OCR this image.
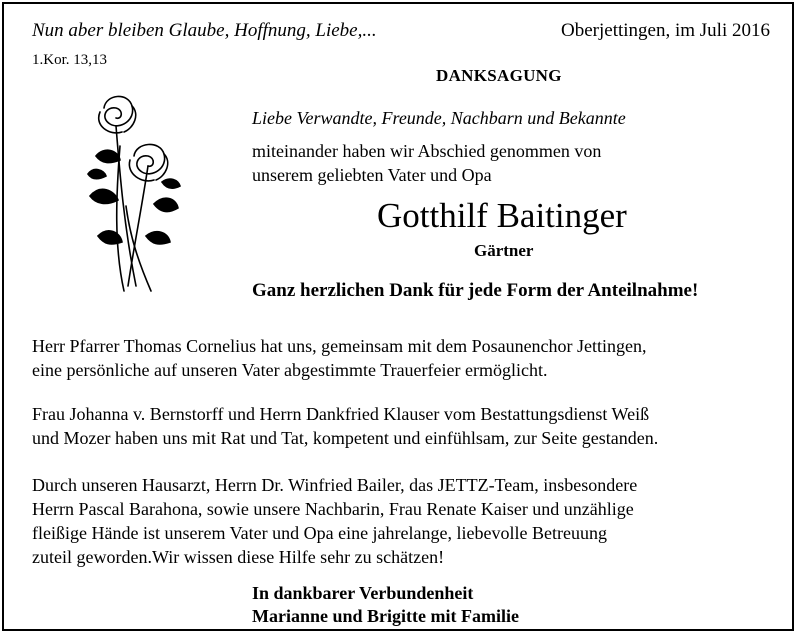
Nun aber bleiben Glaube, Hoffnung, Liebe,...
1.Kor. 13,13
Oberjettingen, im Juli 2016
DANKSAGUNG
Liebe Verwandte, Freunde, Nachbarn und Bekannte
miteinander haben wir Abschied genommen von
unserem geliebten Vater und Opa
Gotthilf Baitinger
Gärtner
Ganz herzlichen Dank für jede Form der Anteilnahme!
Herr Pfarrer Thomas Cornelius hat uns, gemeinsam mit dem Posaunenchor Jettingen,
eine persönliche auf unseren Vater abgestimmte Trauerfeier ermöglicht.
Frau Johanna v. Bernstorff und Herrn Dankfried Klauser vom Bestattungsdienst Weiß
und Mozer haben uns mit Rat und Tat, kompetent und einfühlsam, zur Seite gestanden.
Durch unseren Hausarzt, Herrn Dr. Winfried Bailer, das JETTZ-Team, insbesondere
Herrn Pascal Barahona, sowie unsere Nachbarin, Frau Renate Kaiser und unzählige
fleißige Hände ist unserem Vater und Opa eine jahrelange, liebevolle Betreuung
zuteil geworden.Wir wissen diese Hilfe sehr zu schätzen!
In dankbarer Verbundenheit
Marianne und Brigitte mit Familie
